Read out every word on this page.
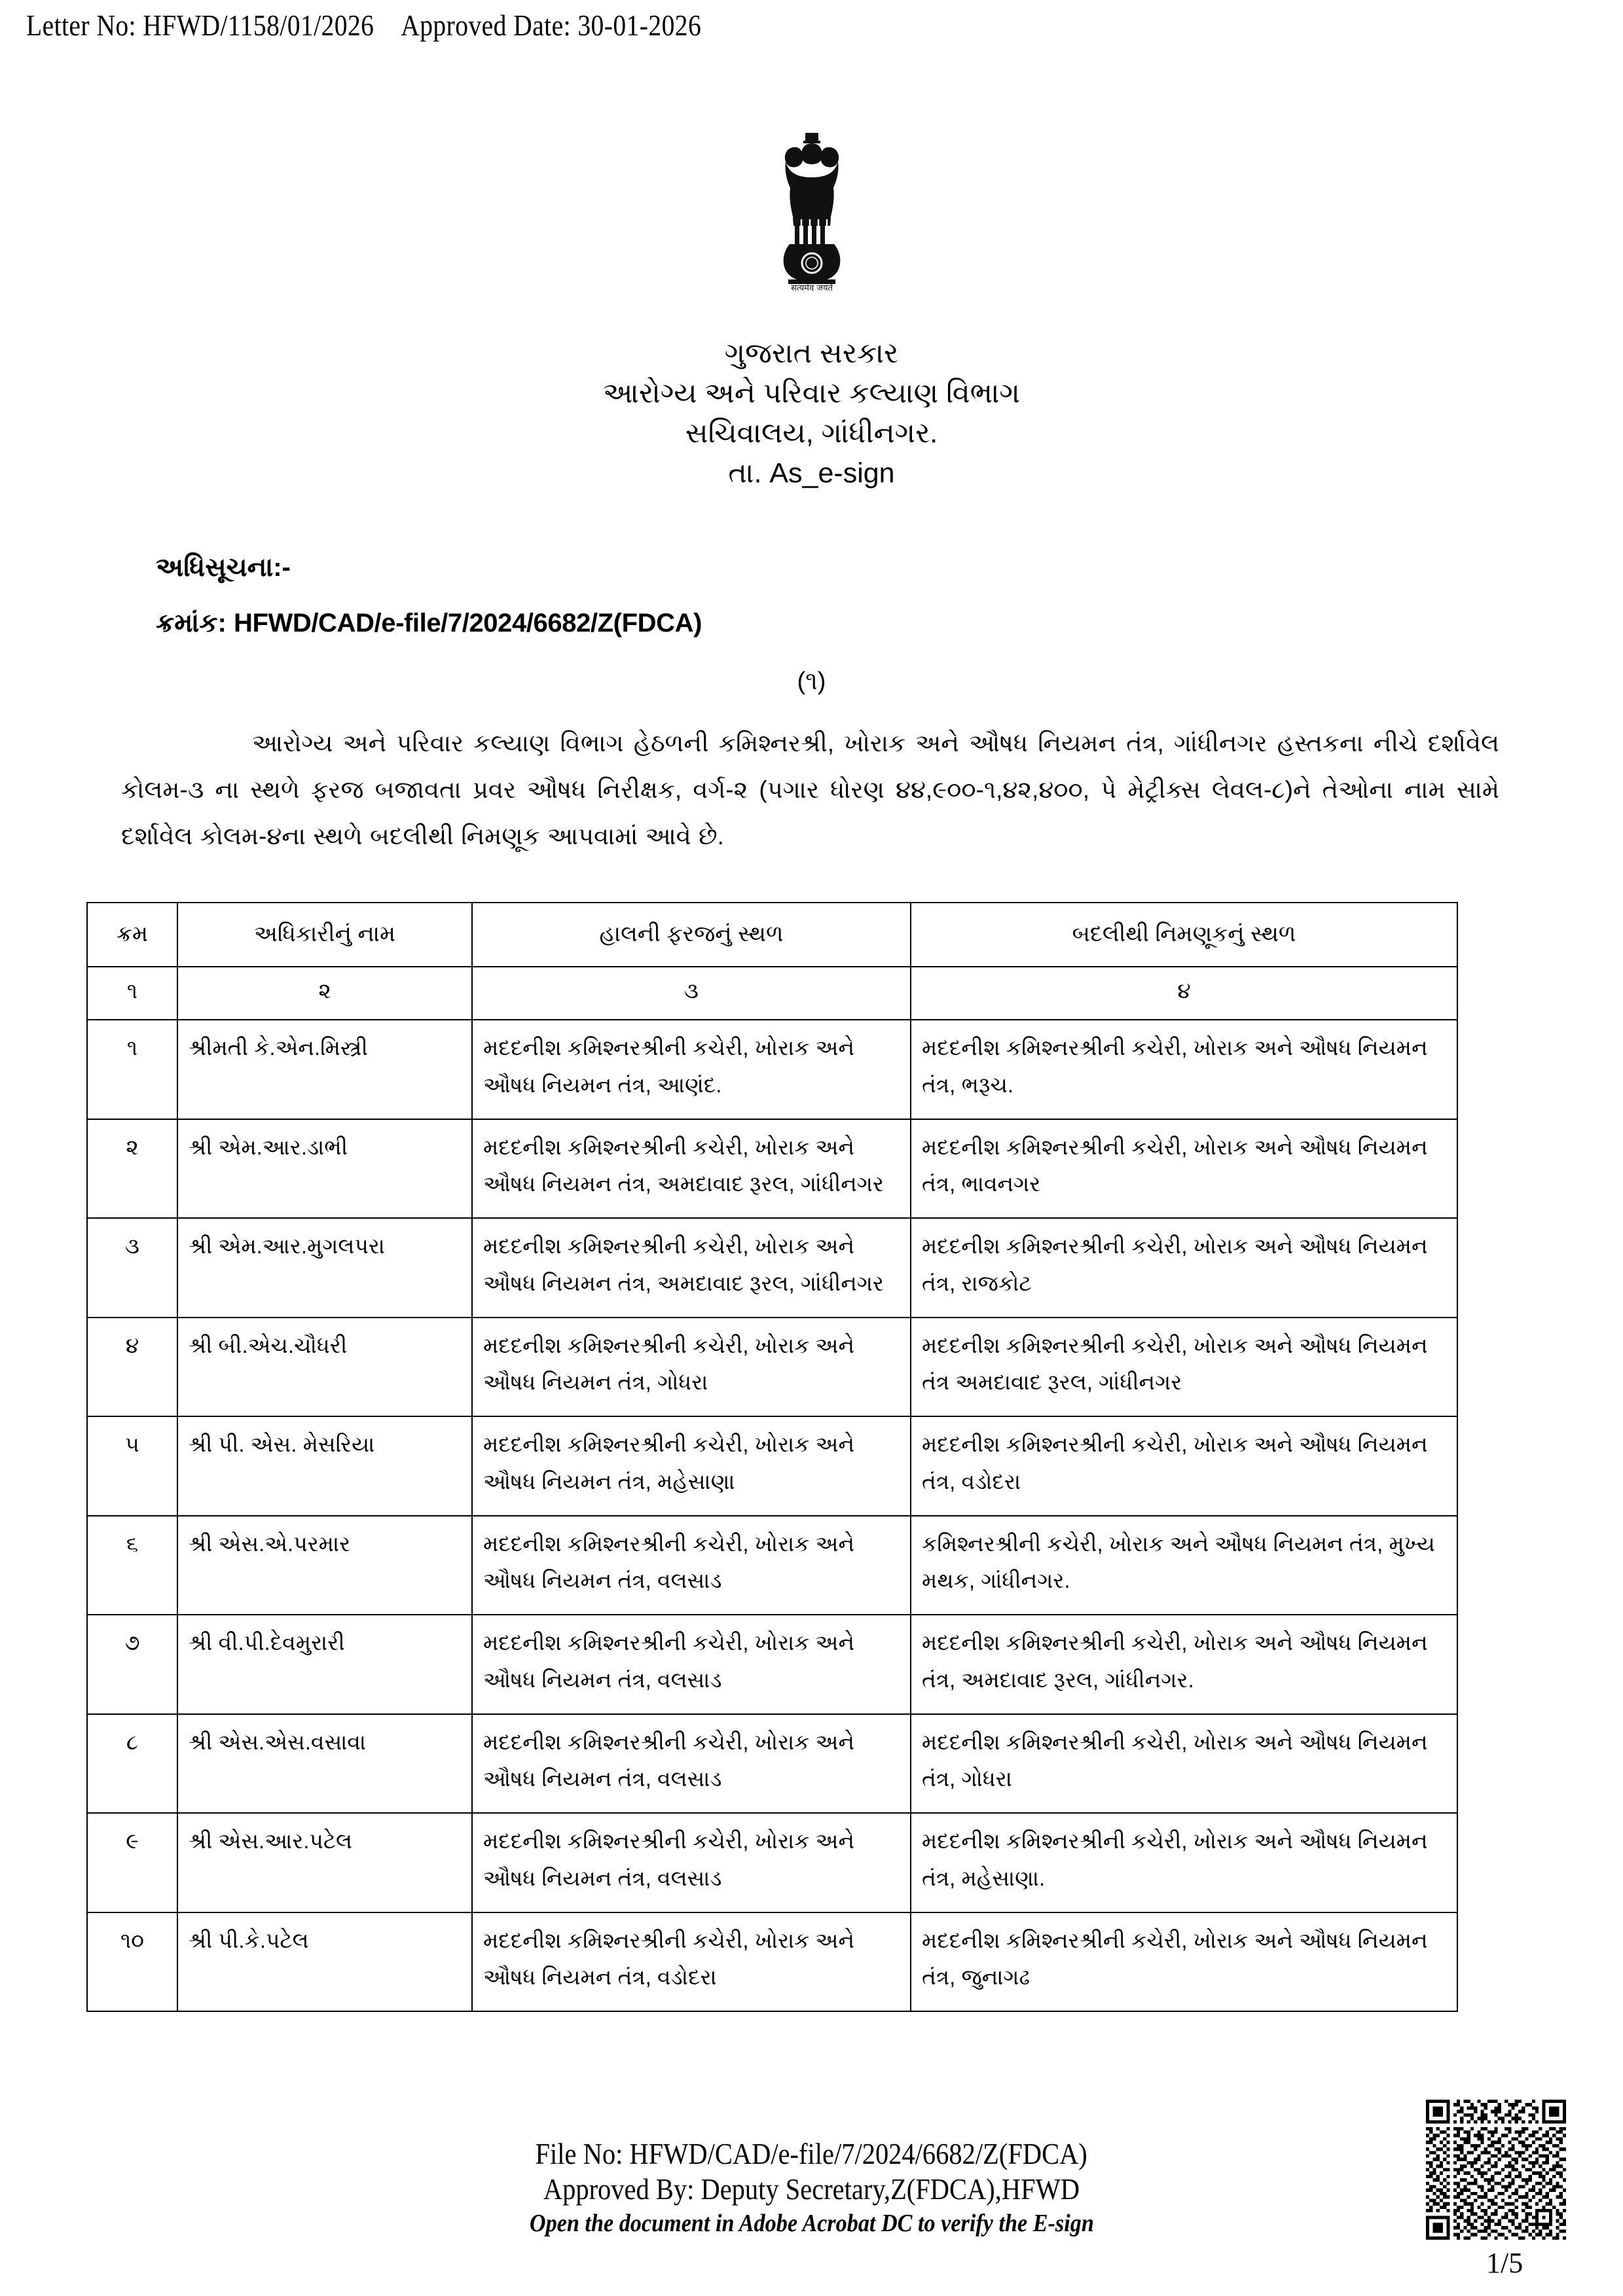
Letter No: HFWD/1158/01/2026 Approved Date: 30-01-2026
सत्यमेव जयते
ગુજરાત સરકાર
આરોગ્ય અને પરિવાર કલ્યાણ વિભાગ
સચિવાલય, ગાંધીનગર.
તા. As_e-sign
અધિસૂચના:-
ક્રમાંક: HFWD/CAD/e-file/7/2024/6682/Z(FDCA)
(૧)
આરોગ્ય અને પરિવાર કલ્યાણ વિભાગ હેઠળની કમિશ્નરશ્રી, ખોરાક અને ઔષધ નિયમન તંત્ર, ગાંધીનગર હસ્તકના નીચે દર્શાવેલ કોલમ-૩ ના સ્થળે ફરજ બજાવતા પ્રવર ઔષધ નિરીક્ષક, વર્ગ-૨ (પગાર ધોરણ ૪૪,૯૦૦-૧,૪૨,૪૦૦, પે મેટ્રીક્સ લેવલ-૮)ને તેઓના નામ સામે દર્શાવેલ કોલમ-૪ના સ્થળે બદલીથી નિમણૂક આપવામાં આવે છે.
ક્રમ	અધિકારીનું નામ	હાલની ફરજનું સ્થળ	બદલીથી નિમણૂકનું સ્થળ
૧	૨	૩	૪
૧	શ્રીમતી કે.એન.મિસ્ત્રી	મદદનીશ કમિશ્નરશ્રીની કચેરી, ખોરાક અને ઔષધ નિયમન તંત્ર, આણંદ.	મદદનીશ કમિશ્નરશ્રીની કચેરી, ખોરાક અને ઔષધ નિયમન તંત્ર, ભરૂચ.
૨	શ્રી એમ.આર.ડાભી	મદદનીશ કમિશ્નરશ્રીની કચેરી, ખોરાક અને ઔષધ નિયમન તંત્ર, અમદાવાદ રૂરલ, ગાંધીનગર	મદદનીશ કમિશ્નરશ્રીની કચેરી, ખોરાક અને ઔષધ નિયમન તંત્ર, ભાવનગર
૩	શ્રી એમ.આર.મુગલપરા	મદદનીશ કમિશ્નરશ્રીની કચેરી, ખોરાક અને ઔષધ નિયમન તંત્ર, અમદાવાદ રૂરલ, ગાંધીનગર	મદદનીશ કમિશ્નરશ્રીની કચેરી, ખોરાક અને ઔષધ નિયમન તંત્ર, રાજકોટ
૪	શ્રી બી.એચ.ચૌધરી	મદદનીશ કમિશ્નરશ્રીની કચેરી, ખોરાક અને ઔષધ નિયમન તંત્ર, ગોધરા	મદદનીશ કમિશ્નરશ્રીની કચેરી, ખોરાક અને ઔષધ નિયમન તંત્ર અમદાવાદ રૂરલ, ગાંધીનગર
૫	શ્રી પી. એસ. મેસરિયા	મદદનીશ કમિશ્નરશ્રીની કચેરી, ખોરાક અને ઔષધ નિયમન તંત્ર, મહેસાણા	મદદનીશ કમિશ્નરશ્રીની કચેરી, ખોરાક અને ઔષધ નિયમન તંત્ર, વડોદરા
૬	શ્રી એસ.એ.પરમાર	મદદનીશ કમિશ્નરશ્રીની કચેરી, ખોરાક અને ઔષધ નિયમન તંત્ર, વલસાડ	કમિશ્નરશ્રીની કચેરી, ખોરાક અને ઔષધ નિયમન તંત્ર, મુખ્ય મથક, ગાંધીનગર.
૭	શ્રી વી.પી.દેવમુરારી	મદદનીશ કમિશ્નરશ્રીની કચેરી, ખોરાક અને ઔષધ નિયમન તંત્ર, વલસાડ	મદદનીશ કમિશ્નરશ્રીની કચેરી, ખોરાક અને ઔષધ નિયમન તંત્ર, અમદાવાદ રૂરલ, ગાંધીનગર.
૮	શ્રી એસ.એસ.વસાવા	મદદનીશ કમિશ્નરશ્રીની કચેરી, ખોરાક અને ઔષધ નિયમન તંત્ર, વલસાડ	મદદનીશ કમિશ્નરશ્રીની કચેરી, ખોરાક અને ઔષધ નિયમન તંત્ર, ગોધરા
૯	શ્રી એસ.આર.પટેલ	મદદનીશ કમિશ્નરશ્રીની કચેરી, ખોરાક અને ઔષધ નિયમન તંત્ર, વલસાડ	મદદનીશ કમિશ્નરશ્રીની કચેરી, ખોરાક અને ઔષધ નિયમન તંત્ર, મહેસાણા.
૧૦	શ્રી પી.કે.પટેલ	મદદનીશ કમિશ્નરશ્રીની કચેરી, ખોરાક અને ઔષધ નિયમન તંત્ર, વડોદરા	મદદનીશ કમિશ્નરશ્રીની કચેરી, ખોરાક અને ઔષધ નિયમન તંત્ર, જુનાગઢ
File No: HFWD/CAD/e-file/7/2024/6682/Z(FDCA)
Approved By: Deputy Secretary,Z(FDCA),HFWD
Open the document in Adobe Acrobat DC to verify the E-sign
1/5
